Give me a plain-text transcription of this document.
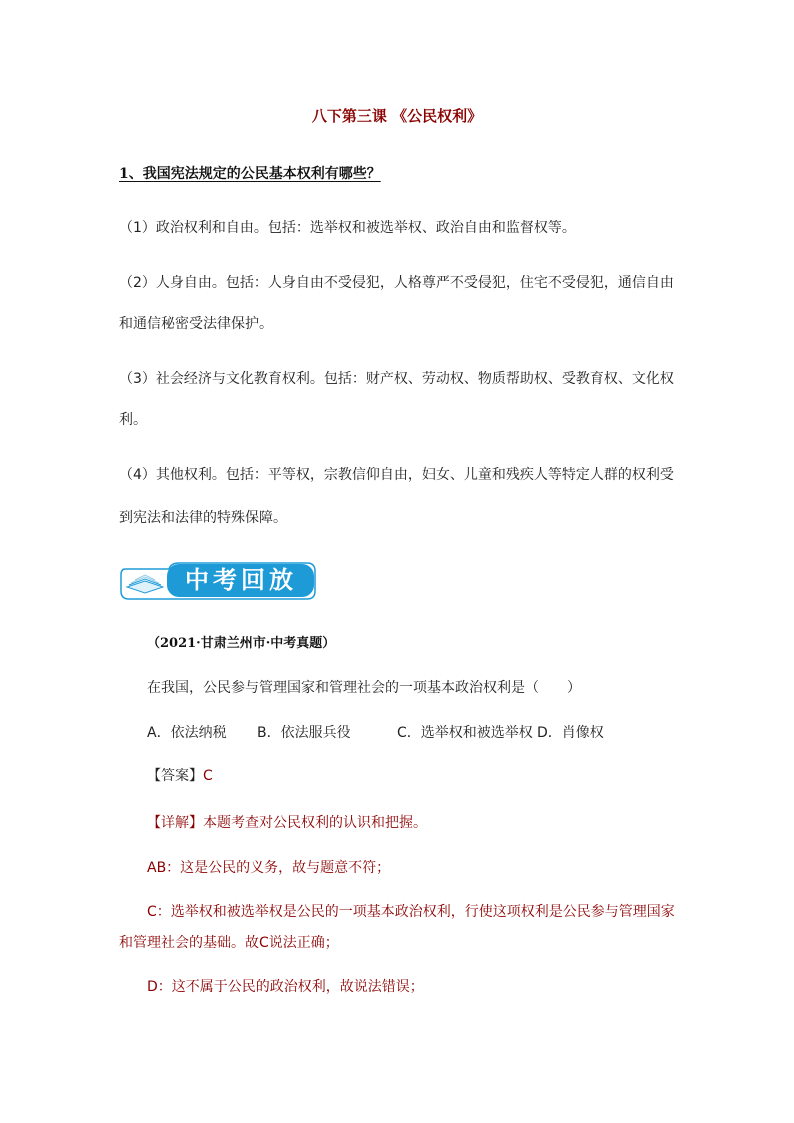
八下第三课 《公民权利》
1、我国宪法规定的公民基本权利有哪些？
（1）政治权利和自由。包括：选举权和被选举权、政治自由和监督权等。
（2）人身自由。包括：人身自由不受侵犯，人格尊严不受侵犯，住宅不受侵犯，通信自由
和通信秘密受法律保护。
（3）社会经济与文化教育权利。包括：财产权、劳动权、物质帮助权、受教育权、文化权
利。
（4）其他权利。包括：平等权，宗教信仰自由，妇女、儿童和残疾人等特定人群的权利受
到宪法和法律的特殊保障。
中考回放
（2021·甘肃兰州市·中考真题）
在我国，公民参与管理国家和管理社会的一项基本政治权利是（　　）
A．依法纳税 B．依法服兵役	C．选举权和被选举权 D．肖像权
【答案】C
【详解】本题考查对公民权利的认识和把握。
AB：这是公民的义务，故与题意不符；
C：选举权和被选举权是公民的一项基本政治权利，行使这项权利是公民参与管理国家
和管理社会的基础。故C说法正确；
D：这不属于公民的政治权利，故说法错误；
